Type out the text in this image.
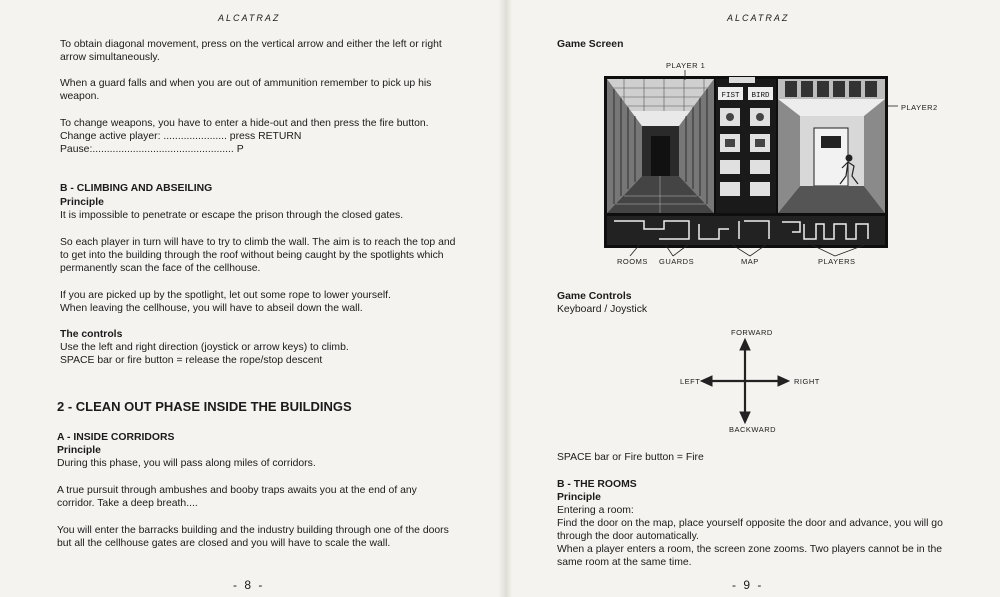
ALCATRAZ
To obtain diagonal movement, press on the vertical arrow and either the left or right
arrow simultaneously.
When a guard falls and when you are out of ammunition remember to pick up his
weapon.
To change weapons, you have to enter a hide-out and then press the fire button.
Change active player: ...................... press RETURN
Pause:................................................. P
B - CLIMBING AND ABSEILING
Principle
It is impossible to penetrate or escape the prison through the closed gates.
So each player in turn will have to try to climb the wall. The aim is to reach the top and
to get into the building through the roof without being caught by the spotlights which
permanently scan the face of the cellhouse.
If you are picked up by the spotlight, let out some rope to lower yourself.
When leaving the cellhouse, you will have to abseil down the wall.
The controls
Use the left and right direction (joystick or arrow keys) to climb.
SPACE bar or fire button = release the rope/stop descent
2 - CLEAN OUT PHASE INSIDE THE BUILDINGS
A - INSIDE CORRIDORS
Principle
During this phase, you will pass along miles of corridors.
A true pursuit through ambushes and booby traps awaits you at the end of any
corridor. Take a deep breath....
You will enter the barracks building and the industry building through one of the doors
but all the cellhouse gates are closed and you will have to scale the wall.
- 8 -
ALCATRAZ
Game Screen
FIST BIRD
PLAYER 1
PLAYER2
ROOMS GUARDS	MAP	PLAYERS
Game Controls
Keyboard / Joystick
FORWARD
BACKWARD
LEFT	RIGHT
SPACE bar or Fire button = Fire
B - THE ROOMS
Principle
Entering a room:
Find the door on the map, place yourself opposite the door and advance, you will go
through the door automatically.
When a player enters a room, the screen zone zooms. Two players cannot be in the
same room at the same time.
- 9 -
